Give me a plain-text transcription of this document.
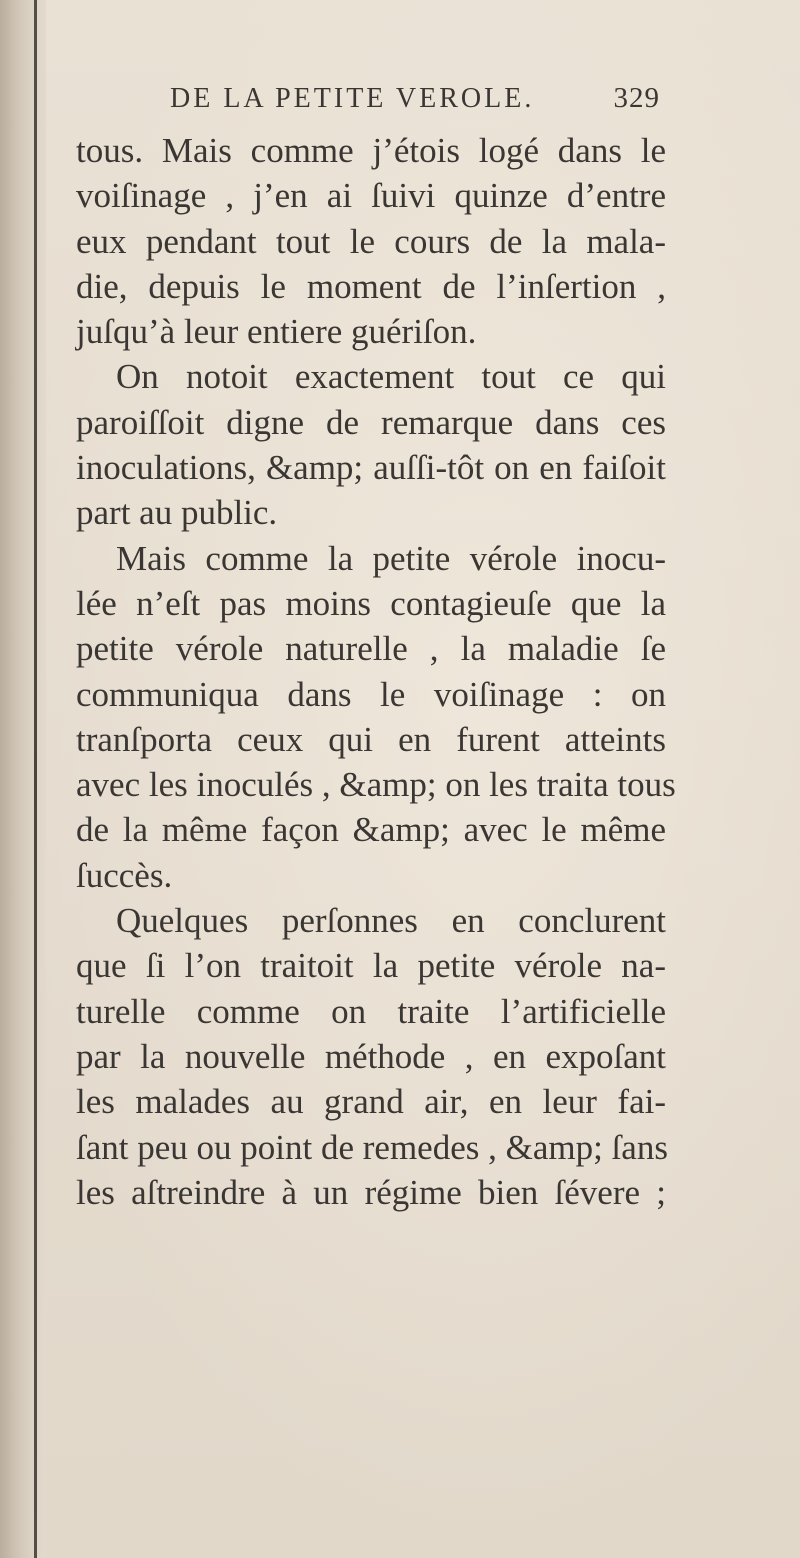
DE LA PETITE VEROLE.	329
tous. Mais comme j’étois logé dans le
voiſinage , j’en ai ſuivi quinze d’entre
eux pendant tout le cours de la mala-
die, depuis le moment de l’inſertion ,
juſqu’à leur entiere guériſon.
On notoit exactement tout ce qui
paroiſſoit digne de remarque dans ces
inoculations, &amp; auſſi-tôt on en faiſoit
part au public.
Mais comme la petite vérole inocu-
lée n’eſt pas moins contagieuſe que la
petite vérole naturelle , la maladie ſe
communiqua dans le voiſinage : on
tranſporta ceux qui en furent atteints
avec les inoculés , &amp; on les traita tous
de la même façon &amp; avec le même
ſuccès.
Quelques perſonnes en conclurent
que ſi l’on traitoit la petite vérole na-
turelle comme on traite l’artificielle
par la nouvelle méthode , en expoſant
les malades au grand air, en leur fai-
ſant peu ou point de remedes , &amp; ſans
les aſtreindre à un régime bien ſévere ;
